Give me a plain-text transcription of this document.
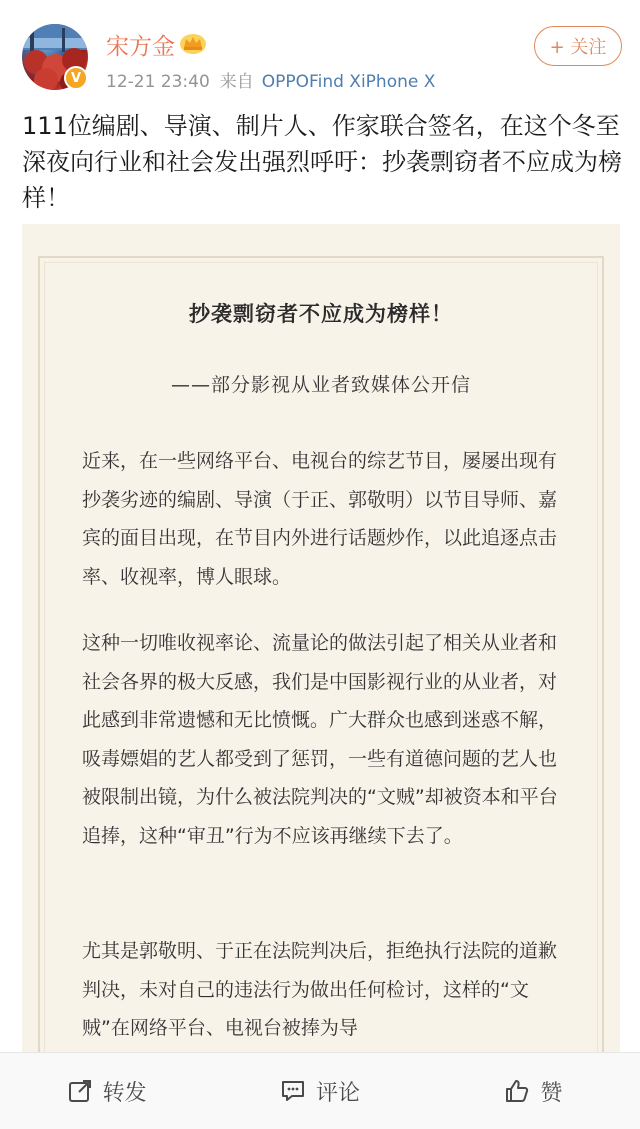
V
宋方金
12-21 23:40 来自 OPPOFind XiPhone X
+ 关注
111位编剧、导演、制片人、作家联合签名，在这个冬至深夜向行业和社会发出强烈呼吁：抄袭剽窃者不应成为榜样！
抄袭剽窃者不应成为榜样！
——部分影视从业者致媒体公开信
近来，在一些网络平台、电视台的综艺节目，屡屡出现有抄袭劣迹的编剧、导演（于正、郭敬明）以节目导师、嘉宾的面目出现，在节目内外进行话题炒作，以此追逐点击率、收视率，博人眼球。
这种一切唯收视率论、流量论的做法引起了相关从业者和社会各界的极大反感，我们是中国影视行业的从业者，对此感到非常遗憾和无比愤慨。广大群众也感到迷惑不解，吸毒嫖娼的艺人都受到了惩罚，一些有道德问题的艺人也被限制出镜，为什么被法院判决的“文贼”却被资本和平台追捧，这种“审丑”行为不应该再继续下去了。
尤其是郭敬明、于正在法院判决后，拒绝执行法院的道歉判决，未对自己的违法行为做出任何检讨，这样的“文贼”在网络平台、电视台被捧为导
转发	评论	赞
